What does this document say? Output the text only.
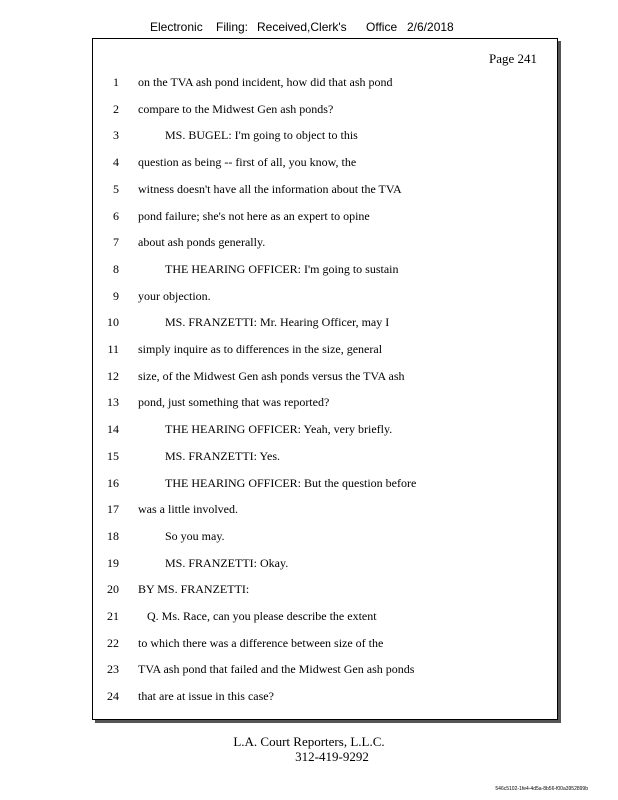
Electronic Filing: Received,Clerk's Office 2/6/2018
Page 241
1 on the TVA ash pond incident, how did that ash pond
2 compare to the Midwest Gen ash ponds?
3	MS. BUGEL: I'm going to object to this
4 question as being -- first of all, you know, the
5 witness doesn't have all the information about the TVA
6 pond failure; she's not here as an expert to opine
7 about ash ponds generally.
8	THE HEARING OFFICER: I'm going to sustain
9 your objection.
10	MS. FRANZETTI: Mr. Hearing Officer, may I
11 simply inquire as to differences in the size, general
12 size, of the Midwest Gen ash ponds versus the TVA ash
13 pond, just something that was reported?
14	THE HEARING OFFICER: Yeah, very briefly.
15	MS. FRANZETTI: Yes.
16	THE HEARING OFFICER: But the question before
17 was a little involved.
18	So you may.
19	MS. FRANZETTI: Okay.
20 BY MS. FRANZETTI:
21 Q. Ms. Race, can you please describe the extent
22 to which there was a difference between size of the
23 TVA ash pond that failed and the Midwest Gen ash ponds
24 that are at issue in this case?
L.A. Court Reporters, L.L.C.
312-419-9292
546c5102-1fe4-4d5a-8b56-f00a3952899b
